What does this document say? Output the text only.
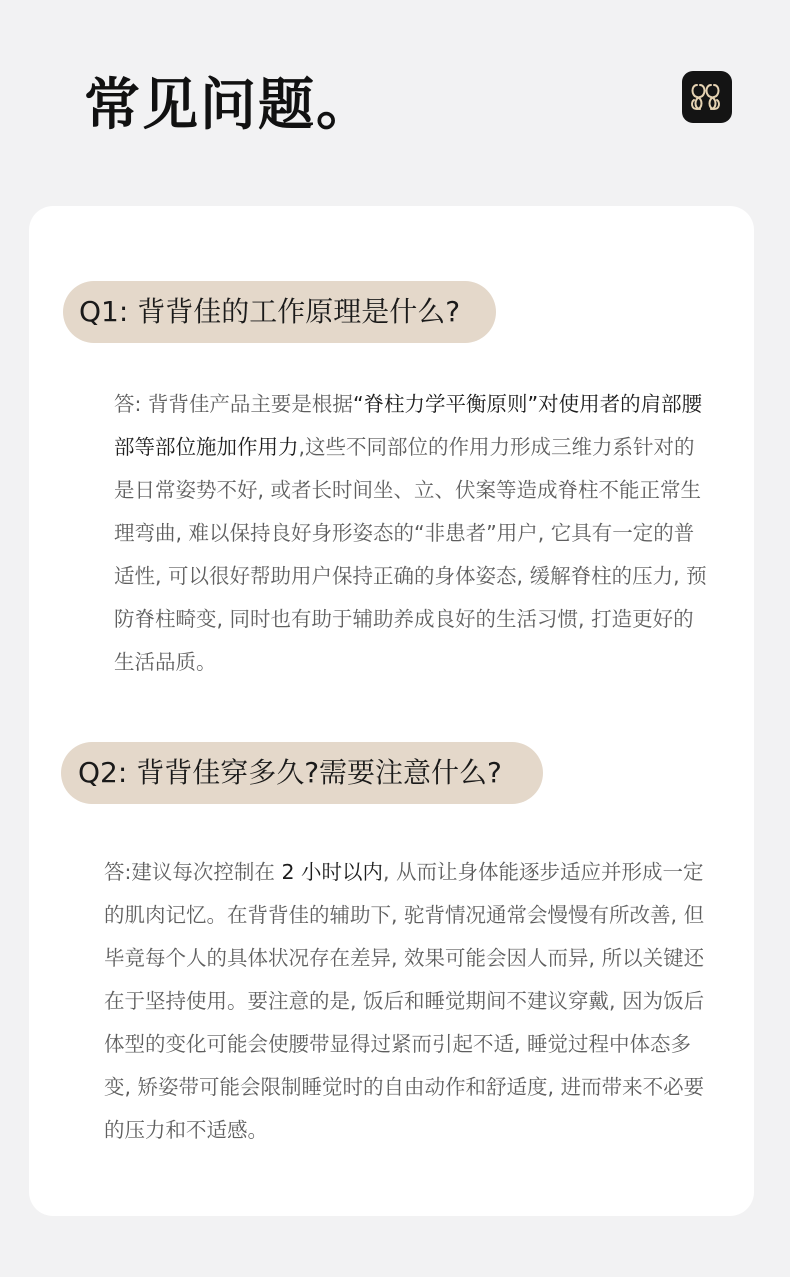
常见问题。
Q1: 背背佳的工作原理是什么?

答: 背背佳产品主要是根据“脊柱力学平衡原则”对使用者的肩部腰部等部位施加作用力,这些不同部位的作用力形成三维力系针对的是日常姿势不好, 或者长时间坐、立、伏案等造成脊柱不能正常生理弯曲, 难以保持良好身形姿态的“非患者”用户, 它具有一定的普适性, 可以很好帮助用户保持正确的身体姿态, 缓解脊柱的压力, 预防脊柱畸变, 同时也有助于辅助养成良好的生活习惯, 打造更好的生活品质。

Q2: 背背佳穿多久?需要注意什么?

答:建议每次控制在 2 小时以内, 从而让身体能逐步适应并形成一定的肌肉记忆。在背背佳的辅助下, 驼背情况通常会慢慢有所改善, 但毕竟每个人的具体状况存在差异, 效果可能会因人而异, 所以关键还在于坚持使用。要注意的是, 饭后和睡觉期间不建议穿戴, 因为饭后体型的变化可能会使腰带显得过紧而引起不适, 睡觉过程中体态多变, 矫姿带可能会限制睡觉时的自由动作和舒适度, 进而带来不必要的压力和不适感。
